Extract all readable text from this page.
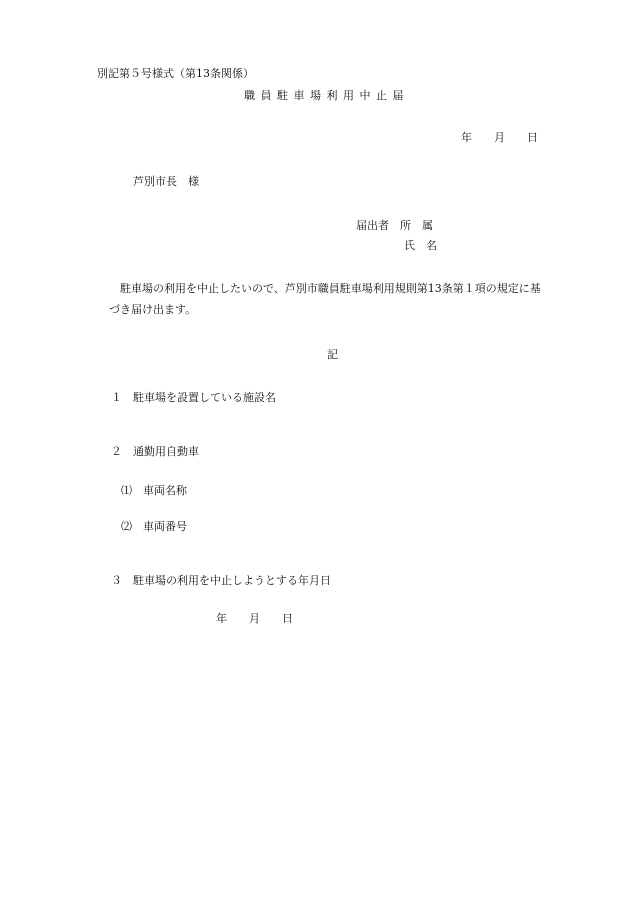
別記第５号様式（第13条関係）
職 員 駐 車 場 利 用 中 止 届
年　　月　　日
芦別市長　様
届出者　所　属
氏　名
駐車場の利用を中止したいので、芦別市職員駐車場利用規則第13条第１項の規定に基
づき届け出ます。
記
１　駐車場を設置している施設名
２　通勤用自動車
⑴　車両名称
⑵　車両番号
３　駐車場の利用を中止しようとする年月日
年　　月　　日
